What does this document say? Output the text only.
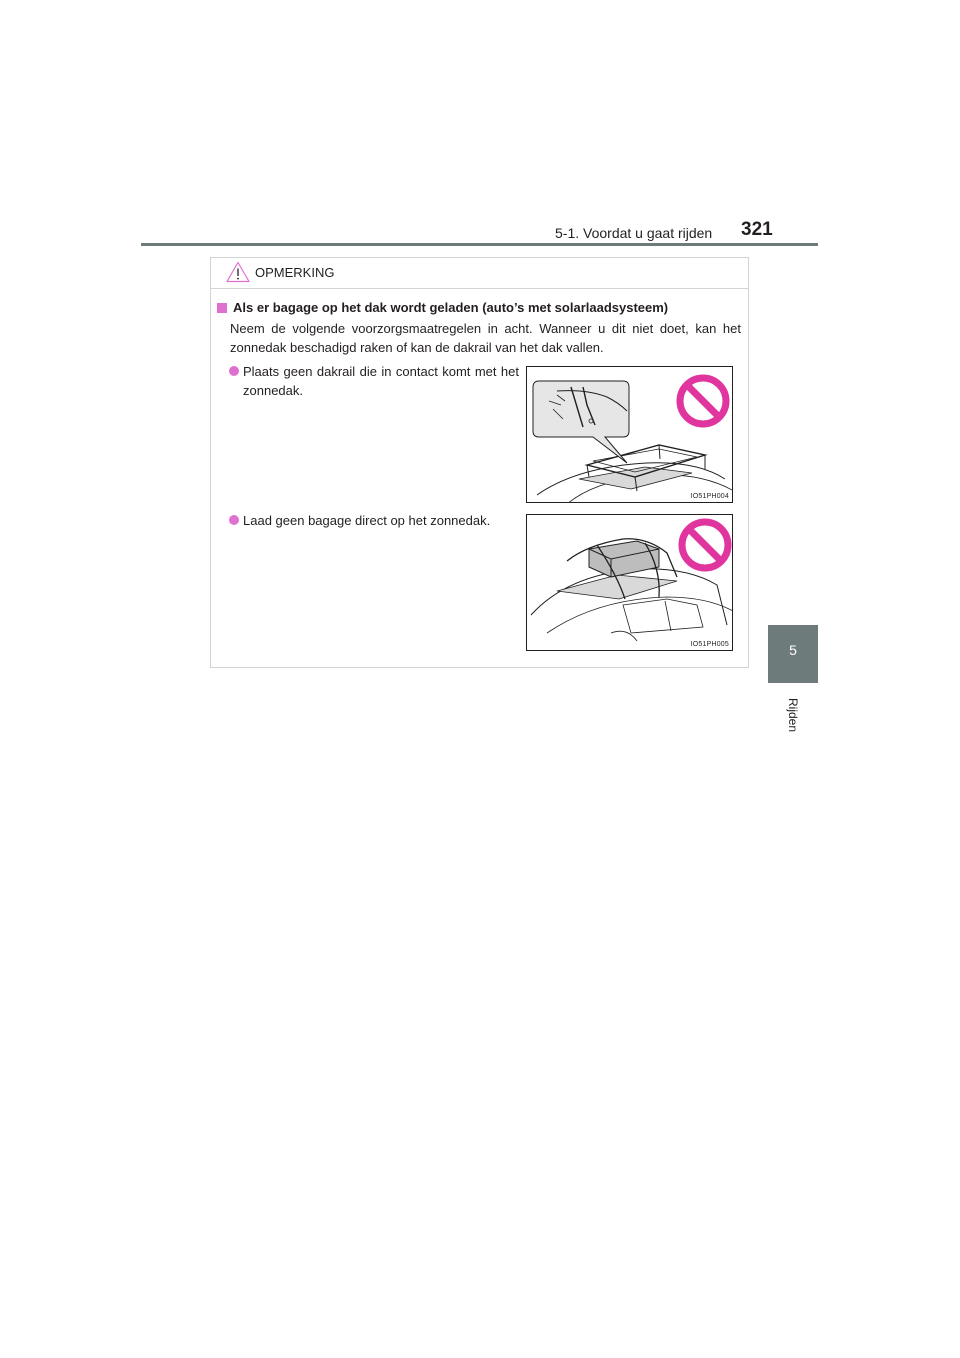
5-1. Voordat u gaat rijden 321
5
Rijden
OPMERKING
Als er bagage op het dak wordt geladen (auto’s met solarlaadsysteem)
Neem de volgende voorzorgsmaatregelen in acht. Wanneer u dit niet doet, kan het zonnedak beschadigd raken of kan de dakrail van het dak vallen.
Plaats geen dakrail die in contact komt met het zonnedak.
IO51PH004
Laad geen bagage direct op het zonnedak.
IO51PH005
